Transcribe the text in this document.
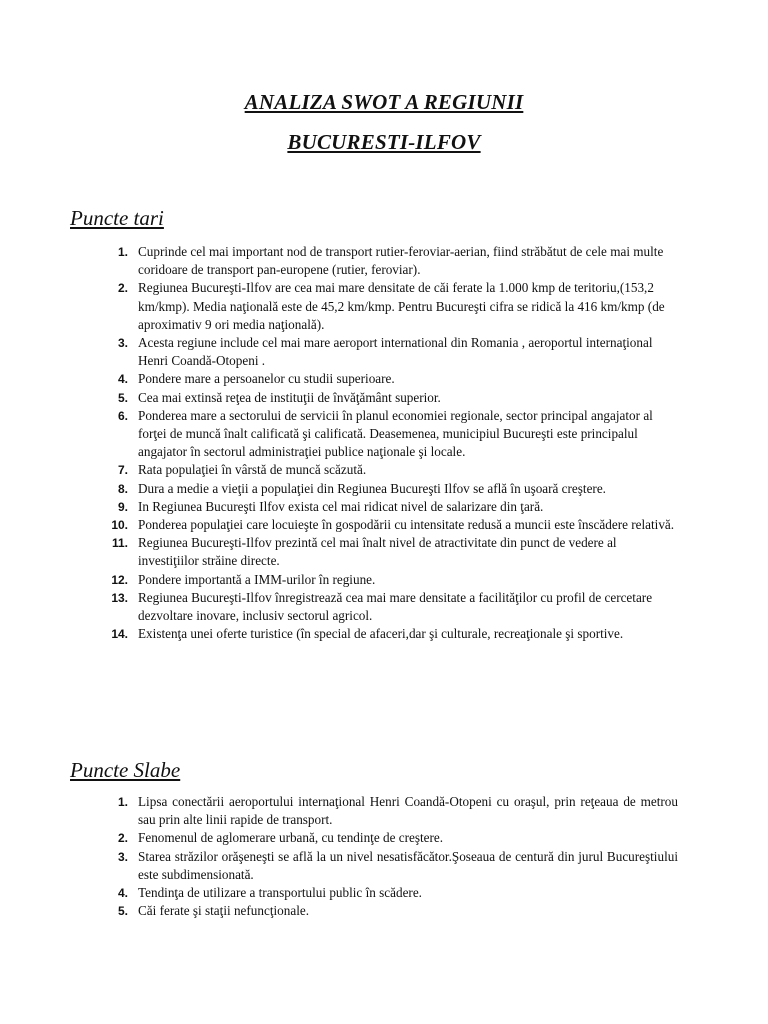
ANALIZA SWOT A REGIUNII
BUCURESTI-ILFOV
Puncte tari
1. Cuprinde cel mai important nod de transport rutier-feroviar-aerian, fiind străbătut de cele mai multe coridoare de transport pan-europene (rutier, feroviar).
2. Regiunea Bucureşti-Ilfov are cea mai mare densitate de căi ferate la 1.000 kmp de teritoriu,(153,2 km/kmp). Media naţională este de 45,2 km/kmp. Pentru Bucureşti cifra se ridică la 416 km/kmp (de aproximativ 9 ori media naţională).
3. Acesta regiune include cel mai mare aeroport international din Romania , aeroportul internaţional Henri Coandă-Otopeni .
4. Pondere mare a persoanelor cu studii superioare.
5. Cea mai extinsă reţea de instituţii de învăţământ superior.
6. Ponderea mare a sectorului de servicii în planul economiei regionale, sector principal angajator al forţei de muncă înalt calificată şi calificată. Deasemenea, municipiul Bucureşti este principalul angajator în sectorul administraţiei publice naţionale şi locale.
7. Rata populaţiei în vârstă de muncă scăzută.
8. Dura a medie a vieţii a populaţiei din Regiunea Bucureşti Ilfov se află în uşoară creştere.
9. In Regiunea Bucureşti Ilfov exista cel mai ridicat nivel de salarizare din ţară.
10. Ponderea populaţiei care locuieşte în gospodării cu intensitate redusă a muncii este înscădere relativă.
11. Regiunea Bucureşti-Ilfov prezintă cel mai înalt nivel de atractivitate din punct de vedere al investiţiilor străine directe.
12. Pondere importantă a IMM-urilor în regiune.
13. Regiunea Bucureşti-Ilfov înregistrează cea mai mare densitate a facilităţilor cu profil de cercetare dezvoltare inovare, inclusiv sectorul agricol.
14. Existenţa unei oferte turistice (în special de afaceri,dar şi culturale, recreaţionale şi sportive.
Puncte Slabe
1. Lipsa conectării aeroportului internaţional Henri Coandă-Otopeni cu oraşul, prin reţeaua de metrou sau prin alte linii rapide de transport.
2. Fenomenul de aglomerare urbană, cu tendinţe de creştere.
3. Starea străzilor orăşeneşti se află la un nivel nesatisfăcător.Şoseaua de centură din jurul Bucureştiului este subdimensionată.
4. Tendinţa de utilizare a transportului public în scădere.
5. Căi ferate şi staţii nefuncţionale.
